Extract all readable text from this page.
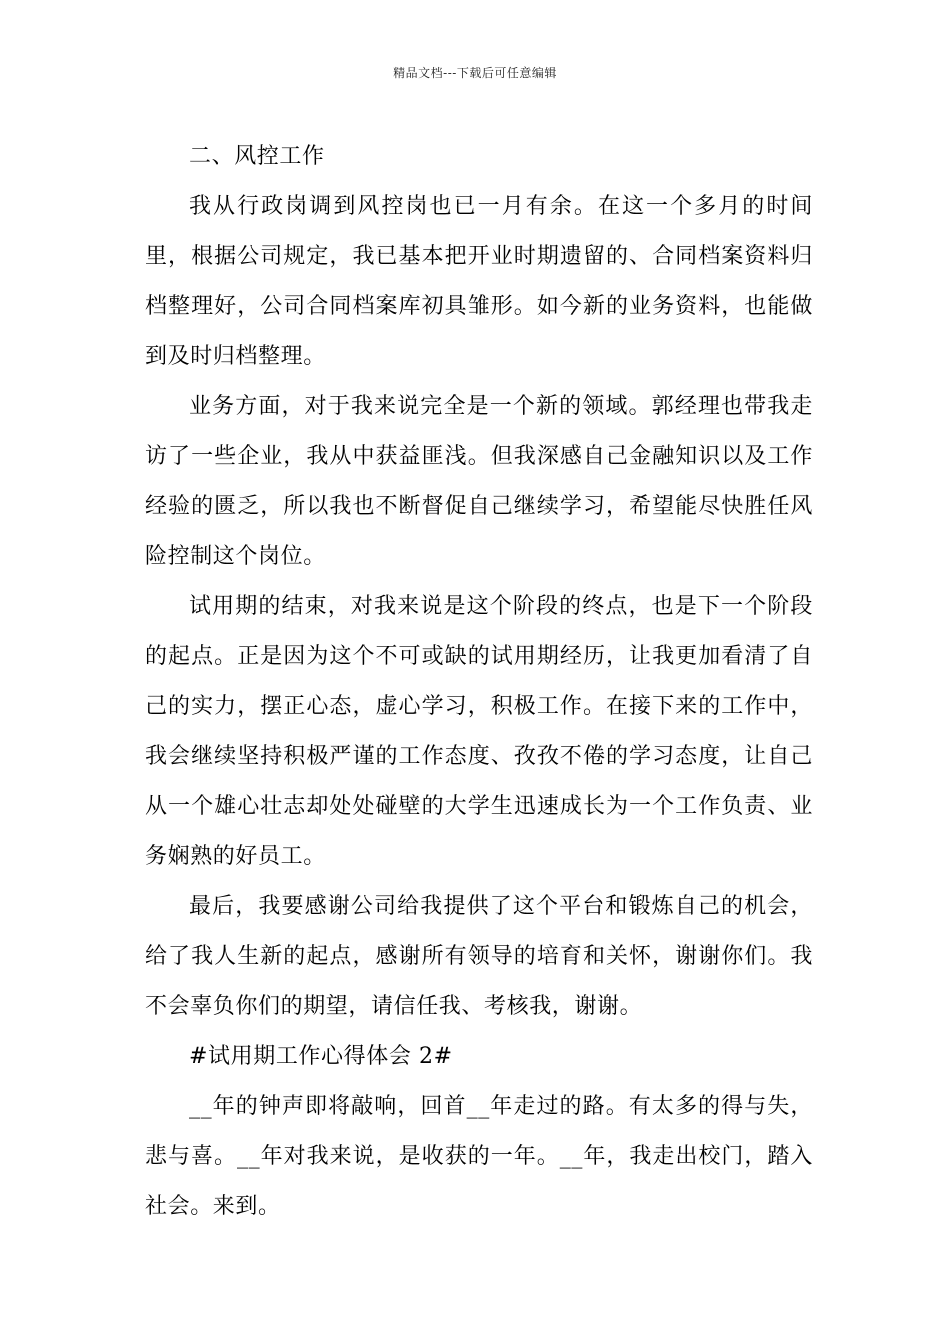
精品文档---下载后可任意编辑

二、风控工作

我从行政岗调到风控岗也已一月有余。在这一个多月的时间里，根据公司规定，我已基本把开业时期遗留的、合同档案资料归档整理好，公司合同档案库初具雏形。如今新的业务资料，也能做到及时归档整理。

业务方面，对于我来说完全是一个新的领域。郭经理也带我走访了一些企业，我从中获益匪浅。但我深感自己金融知识以及工作经验的匮乏，所以我也不断督促自己继续学习，希望能尽快胜任风险控制这个岗位。

试用期的结束，对我来说是这个阶段的终点，也是下一个阶段的起点。正是因为这个不可或缺的试用期经历，让我更加看清了自己的实力，摆正心态，虚心学习，积极工作。在接下来的工作中，我会继续坚持积极严谨的工作态度、孜孜不倦的学习态度，让自己从一个雄心壮志却处处碰壁的大学生迅速成长为一个工作负责、业务娴熟的好员工。

最后，我要感谢公司给我提供了这个平台和锻炼自己的机会，给了我人生新的起点，感谢所有领导的培育和关怀，谢谢你们。我不会辜负你们的期望，请信任我、考核我，谢谢。

#试用期工作心得体会 2#

__年的钟声即将敲响，回首__年走过的路。有太多的得与失，悲与喜。__年对我来说，是收获的一年。__年，我走出校门，踏入社会。来到。
